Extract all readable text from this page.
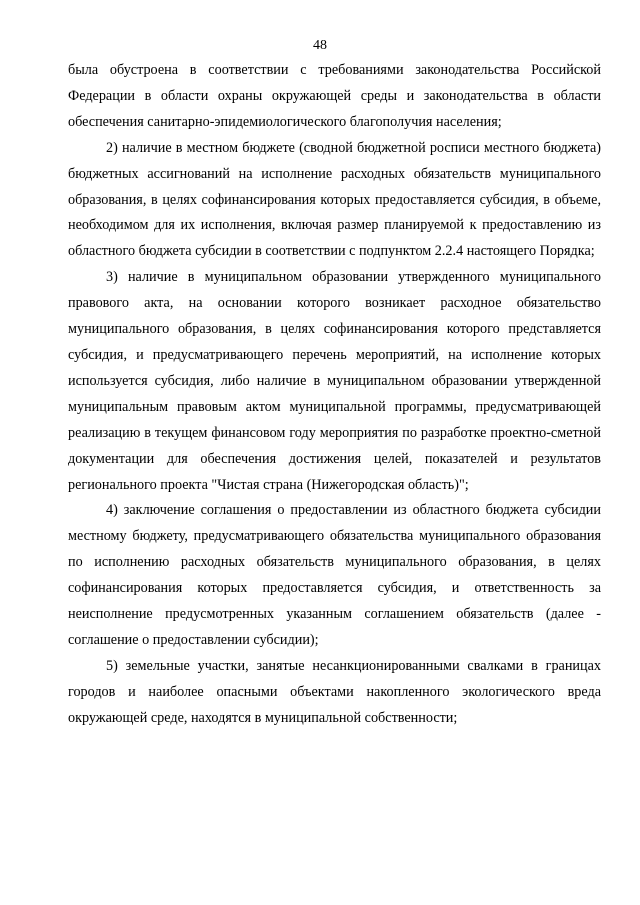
48

была обустроена в соответствии с требованиями законодательства Российской Федерации в области охраны окружающей среды и законодательства в области обеспечения санитарно-эпидемиологического благополучия населения;

2) наличие в местном бюджете (сводной бюджетной росписи местного бюджета) бюджетных ассигнований на исполнение расходных обязательств муниципального образования, в целях софинансирования которых предоставляется субсидия, в объеме, необходимом для их исполнения, включая размер планируемой к предоставлению из областного бюджета субсидии в соответствии с подпунктом 2.2.4 настоящего Порядка;

3) наличие в муниципальном образовании утвержденного муниципального правового акта, на основании которого возникает расходное обязательство муниципального образования, в целях софинансирования которого представляется субсидия, и предусматривающего перечень мероприятий, на исполнение которых используется субсидия, либо наличие в муниципальном образовании утвержденной муниципальным правовым актом муниципальной программы, предусматривающей реализацию в текущем финансовом году мероприятия по разработке проектно-сметной документации для обеспечения достижения целей, показателей и результатов регионального проекта "Чистая страна (Нижегородская область)";

4) заключение соглашения о предоставлении из областного бюджета субсидии местному бюджету, предусматривающего обязательства муниципального образования по исполнению расходных обязательств муниципального образования, в целях софинансирования которых предоставляется субсидия, и ответственность за неисполнение предусмотренных указанным соглашением обязательств (далее - соглашение о предоставлении субсидии);

5) земельные участки, занятые несанкционированными свалками в границах городов и наиболее опасными объектами накопленного экологического вреда окружающей среде, находятся в муниципальной собственности;
